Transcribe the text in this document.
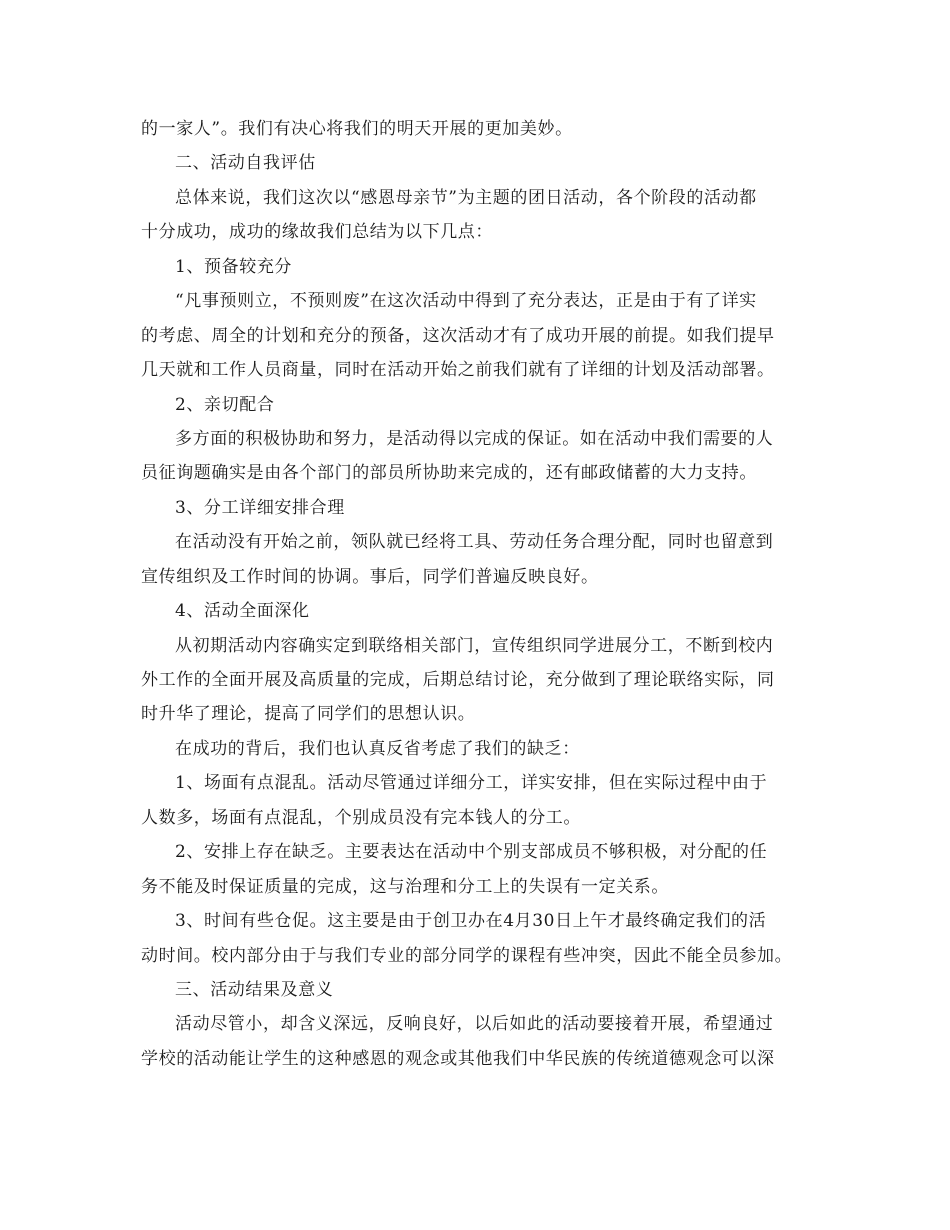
的一家人”。我们有决心将我们的明天开展的更加美妙。
二、活动自我评估
总体来说，我们这次以“感恩母亲节”为主题的团日活动，各个阶段的活动都
十分成功，成功的缘故我们总结为以下几点：
1、预备较充分
“凡事预则立，不预则废”在这次活动中得到了充分表达，正是由于有了详实
的考虑、周全的计划和充分的预备，这次活动才有了成功开展的前提。如我们提早
几天就和工作人员商量，同时在活动开始之前我们就有了详细的计划及活动部署。
2、亲切配合
多方面的积极协助和努力，是活动得以完成的保证。如在活动中我们需要的人
员征询题确实是由各个部门的部员所协助来完成的，还有邮政储蓄的大力支持。
3、分工详细安排合理
在活动没有开始之前，领队就已经将工具、劳动任务合理分配，同时也留意到
宣传组织及工作时间的协调。事后，同学们普遍反映良好。
4、活动全面深化
从初期活动内容确实定到联络相关部门，宣传组织同学进展分工，不断到校内
外工作的全面开展及高质量的完成，后期总结讨论，充分做到了理论联络实际，同
时升华了理论，提高了同学们的思想认识。
在成功的背后，我们也认真反省考虑了我们的缺乏：
1、场面有点混乱。活动尽管通过详细分工，详实安排，但在实际过程中由于
人数多，场面有点混乱，个别成员没有完本钱人的分工。
2、安排上存在缺乏。主要表达在活动中个别支部成员不够积极，对分配的任
务不能及时保证质量的完成，这与治理和分工上的失误有一定关系。
3、时间有些仓促。这主要是由于创卫办在4月30日上午才最终确定我们的活
动时间。校内部分由于与我们专业的部分同学的课程有些冲突，因此不能全员参加。
三、活动结果及意义
活动尽管小，却含义深远，反响良好，以后如此的活动要接着开展，希望通过
学校的活动能让学生的这种感恩的观念或其他我们中华民族的传统道德观念可以深
